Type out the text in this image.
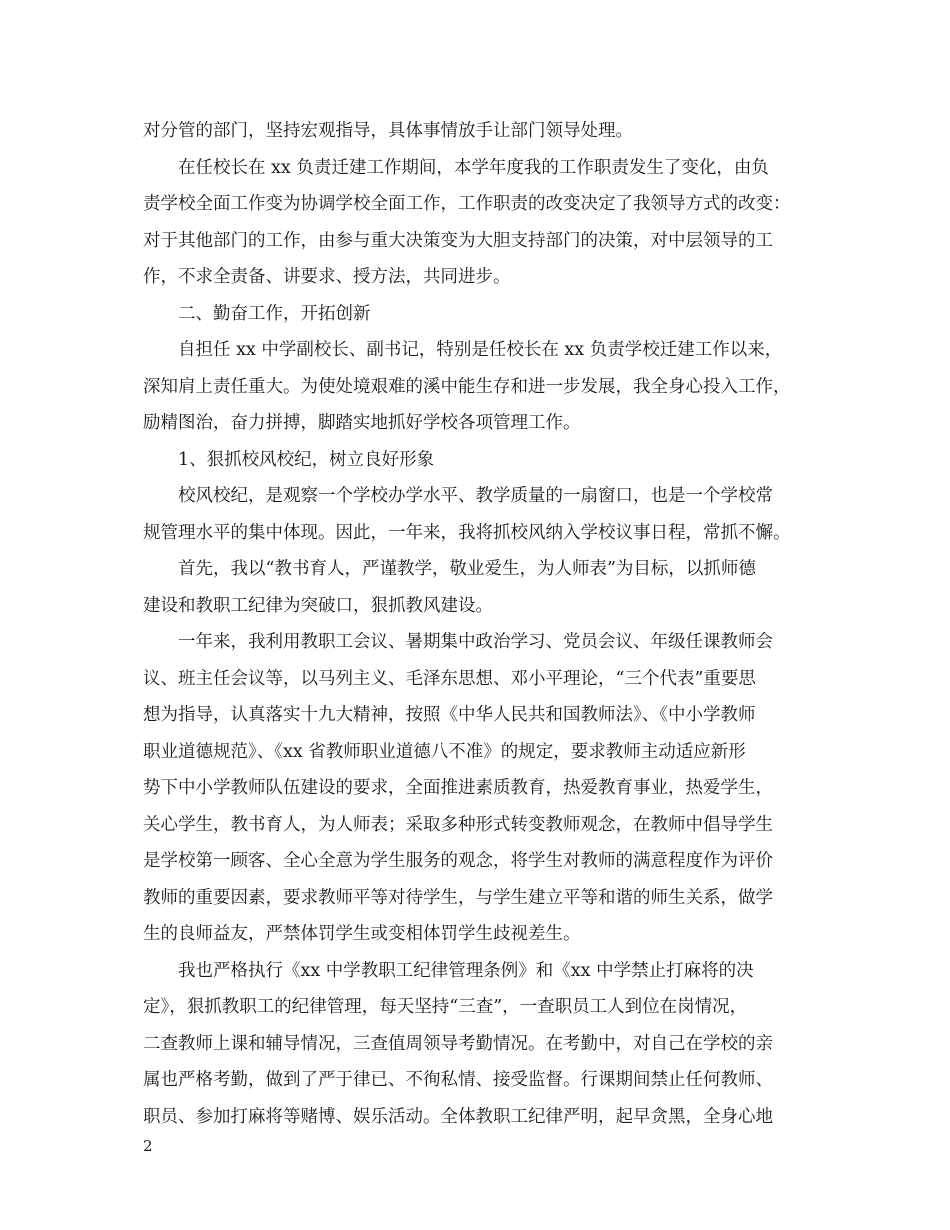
对分管的部门，坚持宏观指导，具体事情放手让部门领导处理。
在任校长在 xx 负责迁建工作期间，本学年度我的工作职责发生了变化，由负
责学校全面工作变为协调学校全面工作，工作职责的改变决定了我领导方式的改变：
对于其他部门的工作，由参与重大决策变为大胆支持部门的决策，对中层领导的工
作，不求全责备、讲要求、授方法，共同进步。
二、勤奋工作，开拓创新
自担任 xx 中学副校长、副书记，特别是任校长在 xx 负责学校迁建工作以来，
深知肩上责任重大。为使处境艰难的溪中能生存和进一步发展，我全身心投入工作，
励精图治，奋力拼搏，脚踏实地抓好学校各项管理工作。
1、狠抓校风校纪，树立良好形象
校风校纪，是观察一个学校办学水平、教学质量的一扇窗口，也是一个学校常
规管理水平的集中体现。因此，一年来，我将抓校风纳入学校议事日程，常抓不懈。
首先，我以“教书育人，严谨教学，敬业爱生，为人师表”为目标，以抓师德
建设和教职工纪律为突破口，狠抓教风建设。
一年来，我利用教职工会议、暑期集中政治学习、党员会议、年级任课教师会
议、班主任会议等，以马列主义、毛泽东思想、邓小平理论，“三个代表”重要思
想为指导，认真落实十九大精神，按照《中华人民共和国教师法》、《中小学教师
职业道德规范》、《xx 省教师职业道德八不准》的规定，要求教师主动适应新形
势下中小学教师队伍建设的要求，全面推进素质教育，热爱教育事业，热爱学生，
关心学生，教书育人，为人师表；采取多种形式转变教师观念，在教师中倡导学生
是学校第一顾客、全心全意为学生服务的观念，将学生对教师的满意程度作为评价
教师的重要因素，要求教师平等对待学生，与学生建立平等和谐的师生关系，做学
生的良师益友，严禁体罚学生或变相体罚学生歧视差生。
我也严格执行《xx 中学教职工纪律管理条例》和《xx 中学禁止打麻将的决
定》，狠抓教职工的纪律管理，每天坚持“三查”，一查职员工人到位在岗情况，
二查教师上课和辅导情况，三查值周领导考勤情况。在考勤中，对自己在学校的亲
属也严格考勤，做到了严于律已、不徇私情、接受监督。行课期间禁止任何教师、
职员、参加打麻将等赌博、娱乐活动。全体教职工纪律严明，起早贪黑，全身心地
2
